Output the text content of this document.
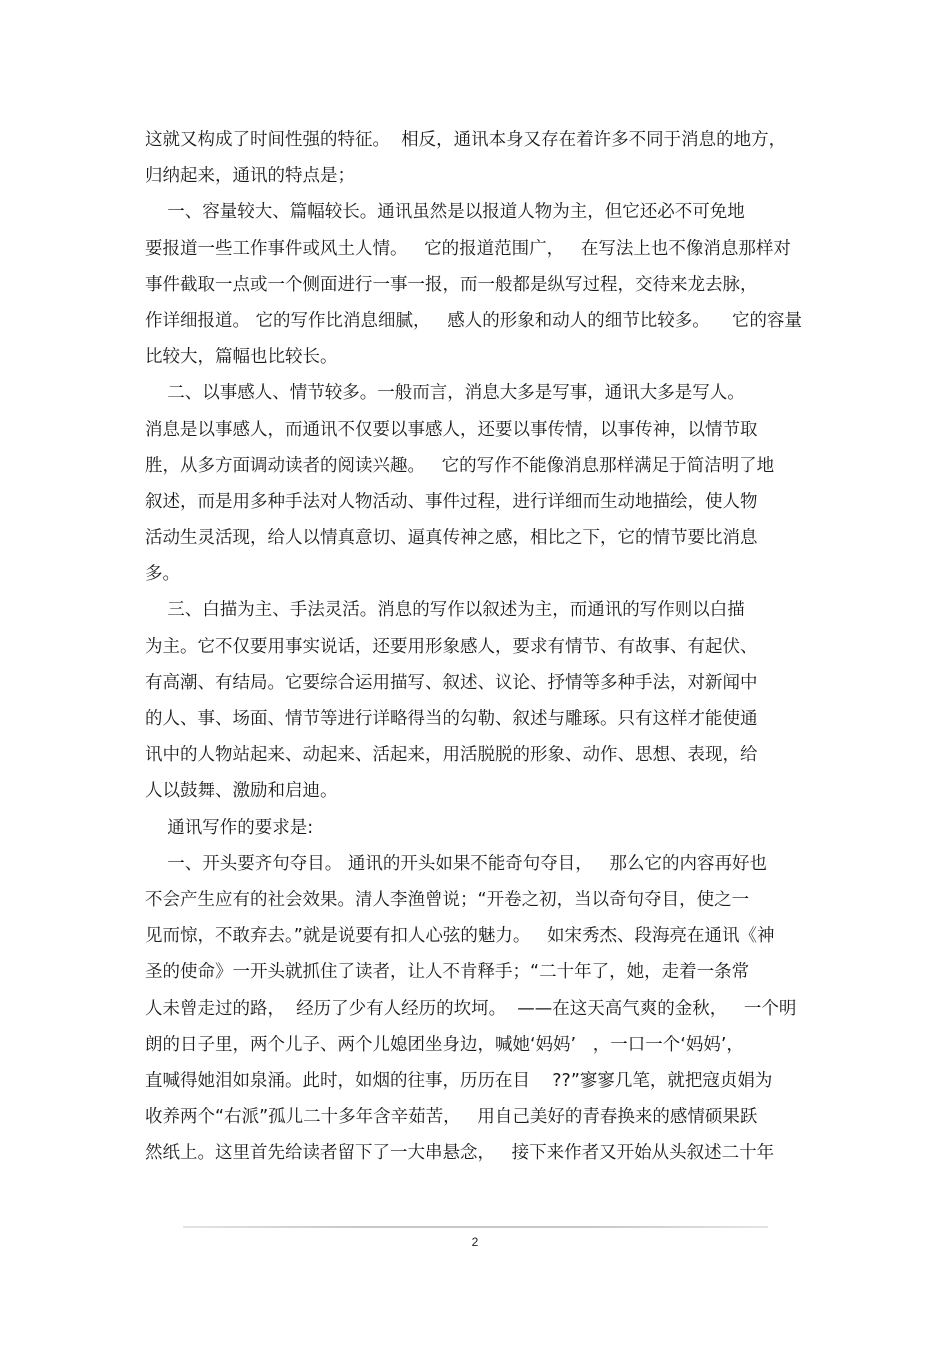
这就又构成了时间性强的特征。  相反，通讯本身又存在着许多不同于消息的地方，
归纳起来，通讯的特点是；
一、容量较大、篇幅较长。通讯虽然是以报道人物为主，但它还必不可免地
要报道一些工作事件或风土人情。   它的报道范围广，   在写法上也不像消息那样对
事件截取一点或一个侧面进行一事一报，而一般都是纵写过程，交待来龙去脉，
作详细报道。 它的写作比消息细腻，   感人的形象和动人的细节比较多。    它的容量
比较大，篇幅也比较长。
二、以事感人、情节较多。一般而言，消息大多是写事，通讯大多是写人。
消息是以事感人，而通讯不仅要以事感人，还要以事传情，以事传神，以情节取
胜，从多方面调动读者的阅读兴趣。   它的写作不能像消息那样满足于简洁明了地
叙述，而是用多种手法对人物活动、事件过程，进行详细而生动地描绘，使人物
活动生灵活现，给人以情真意切、逼真传神之感，相比之下，它的情节要比消息
多。
三、白描为主、手法灵活。消息的写作以叙述为主，而通讯的写作则以白描
为主。它不仅要用事实说话，还要用形象感人，要求有情节、有故事、有起伏、
有高潮、有结局。它要综合运用描写、叙述、议论、抒情等多种手法，对新闻中
的人、事、场面、情节等进行详略得当的勾勒、叙述与雕琢。只有这样才能使通
讯中的人物站起来、动起来、活起来，用活脱脱的形象、动作、思想、表现，给
人以鼓舞、激励和启迪。
通讯写作的要求是:
一、开头要齐句夺目。 通讯的开头如果不能奇句夺目，   那么它的内容再好也
不会产生应有的社会效果。清人李渔曾说；“开卷之初，当以奇句夺目，使之一
见而惊，不敢弃去。”就是说要有扣人心弦的魅力。   如宋秀杰、段海亮在通讯《神
圣的使命》一开头就抓住了读者，让人不肯释手；“二十年了，她，走着一条常
人未曾走过的路，  经历了少有人经历的坎坷。  ——在这天高气爽的金秋，   一个明
朗的日子里，两个儿子、两个儿媳团坐身边，喊她‘妈妈’   ，一口一个‘妈妈’，
直喊得她泪如泉涌。此时，如烟的往事，历历在目    ??”寥寥几笔，就把寇贞娟为
收养两个“右派”孤儿二十多年含辛茹苦，   用自己美好的青春换来的感情硕果跃
然纸上。这里首先给读者留下了一大串悬念，   接下来作者又开始从头叙述二十年
2
